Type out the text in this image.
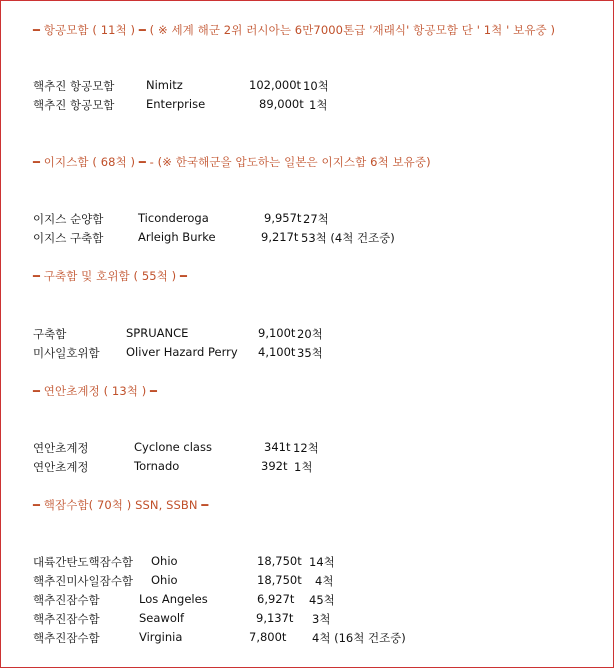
━ 항공모함 ( 11척 ) ━ ( ※ 세계 해군 2위 러시아는 6만7000톤급 '재래식' 항공모함 단 ' 1척 ' 보유중 )
핵추진 항공모함	Nimitz	102,000t 10척
핵추진 항공모함	Enterprise	89,000t 1척
━ 이지스함 ( 68척 ) ━ - (※ 한국해군을 압도하는 일본은 이지스함 6척 보유중)
이지스 순양함	Ticonderoga	9,957t 27척
이지스 구축함	Arleigh Burke	9,217t 53척 (4척 건조중)
━ 구축함 및 호위함 ( 55척 ) ━
구축함	SPRUANCE	9,100t 20척
미사일호위함 Oliver Hazard Perry 4,100t 35척
━ 연안초계정 ( 13척 ) ━
연안초계정	Cyclone class	341t 12척
연안초계정	Tornado	392t 1척
━ 핵잠수함( 70척 ) SSN, SSBN ━
대륙간탄도핵잠수함 Ohio	18,750t 14척
핵추진미사일잠수함 Ohio	18,750t 4척
핵추진잠수함	Los Angeles	6,927t 45척
핵추진잠수함	Seawolf	9,137t 3척
핵추진잠수함	Virginia	7,800t 4척 (16척 건조중)
